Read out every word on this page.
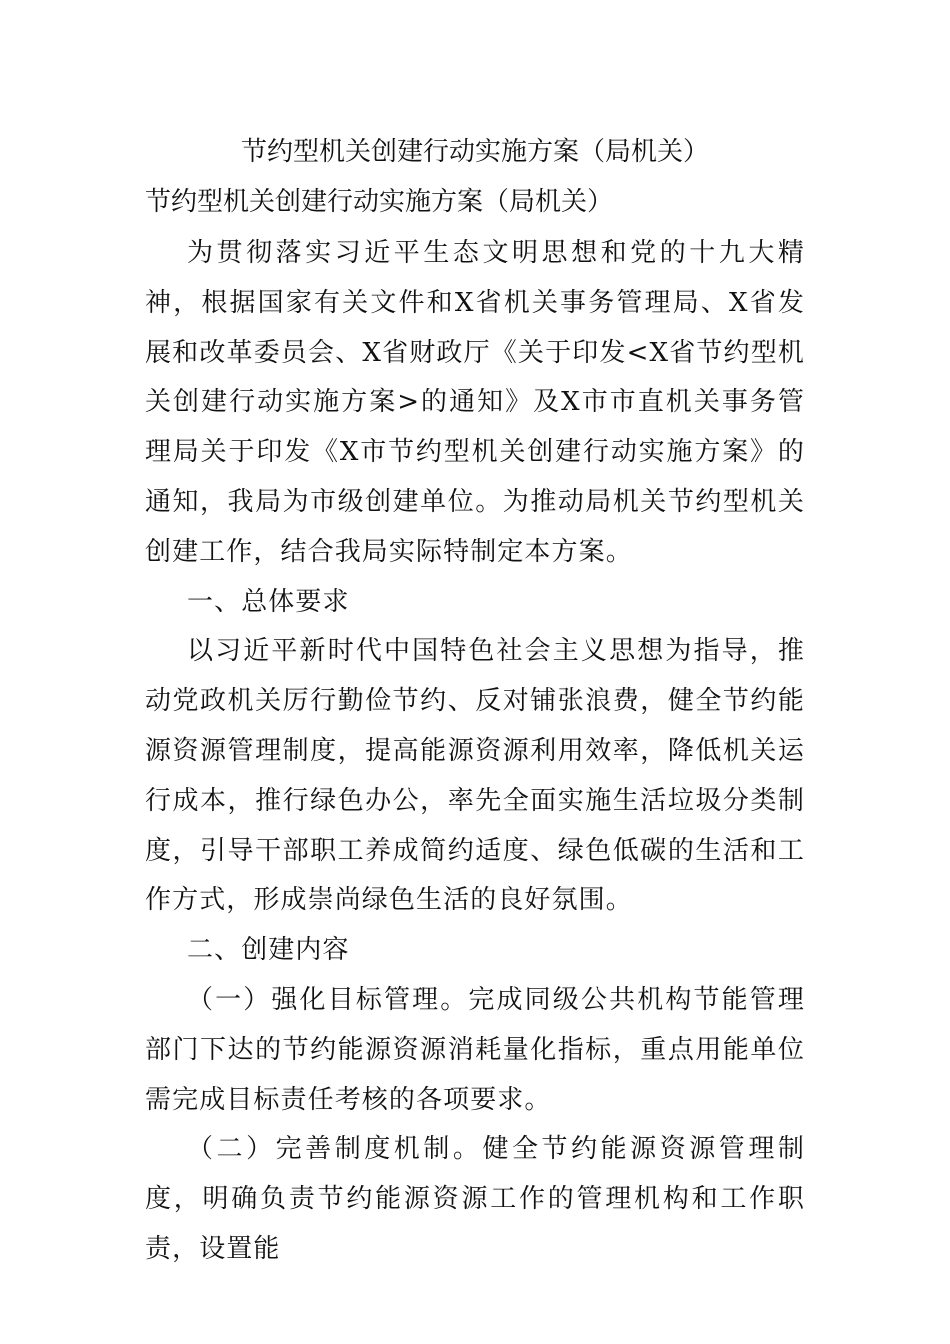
节约型机关创建行动实施方案（局机关）
节约型机关创建行动实施方案（局机关）

为贯彻落实习近平生态文明思想和党的十九大精神，根据国家有关文件和X省机关事务管理局、X省发展和改革委员会、X省财政厅《关于印发<X省节约型机关创建行动实施方案>的通知》及X市市直机关事务管理局关于印发《X市节约型机关创建行动实施方案》的通知，我局为市级创建单位。为推动局机关节约型机关创建工作，结合我局实际特制定本方案。

一、总体要求

以习近平新时代中国特色社会主义思想为指导，推动党政机关厉行勤俭节约、反对铺张浪费，健全节约能源资源管理制度，提高能源资源利用效率，降低机关运行成本，推行绿色办公，率先全面实施生活垃圾分类制度，引导干部职工养成简约适度、绿色低碳的生活和工作方式，形成崇尚绿色生活的良好氛围。

二、创建内容

（一）强化目标管理。完成同级公共机构节能管理部门下达的节约能源资源消耗量化指标，重点用能单位需完成目标责任考核的各项要求。

（二）完善制度机制。健全节约能源资源管理制度，明确负责节约能源资源工作的管理机构和工作职责，设置能
